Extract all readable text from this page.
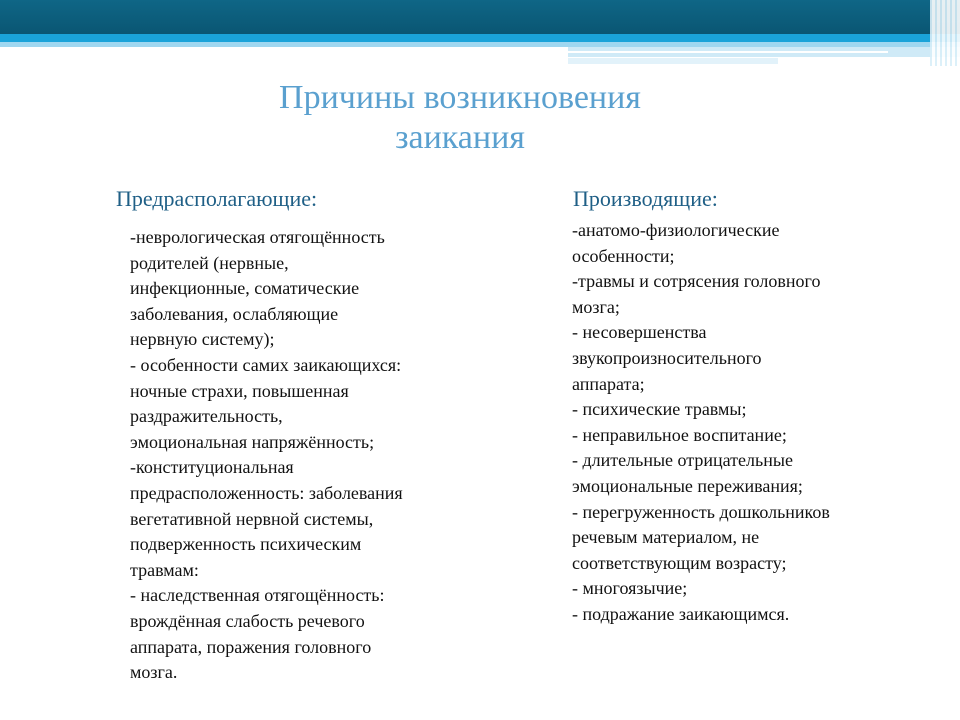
Причины возникновения
заикания
Предрасполагающие:	Производящие:
-неврологическая отягощённость
родителей (нервные,
инфекционные, соматические
заболевания, ослабляющие
нервную систему);
- особенности самих заикающихся:
ночные страхи, повышенная
раздражительность,
эмоциональная напряжённость;
-конституциональная
предрасположенность: заболевания
вегетативной нервной системы,
подверженность психическим
травмам:
- наследственная отягощённость:
врождённая слабость речевого
аппарата, поражения головного
мозга.
-анатомо-физиологические
особенности;
-травмы и сотрясения головного
мозга;
- несовершенства
звукопроизносительного
аппарата;
- психические травмы;
- неправильное воспитание;
- длительные отрицательные
эмоциональные переживания;
- перегруженность дошкольников
речевым материалом, не
соответствующим возрасту;
- многоязычие;
- подражание заикающимся.
